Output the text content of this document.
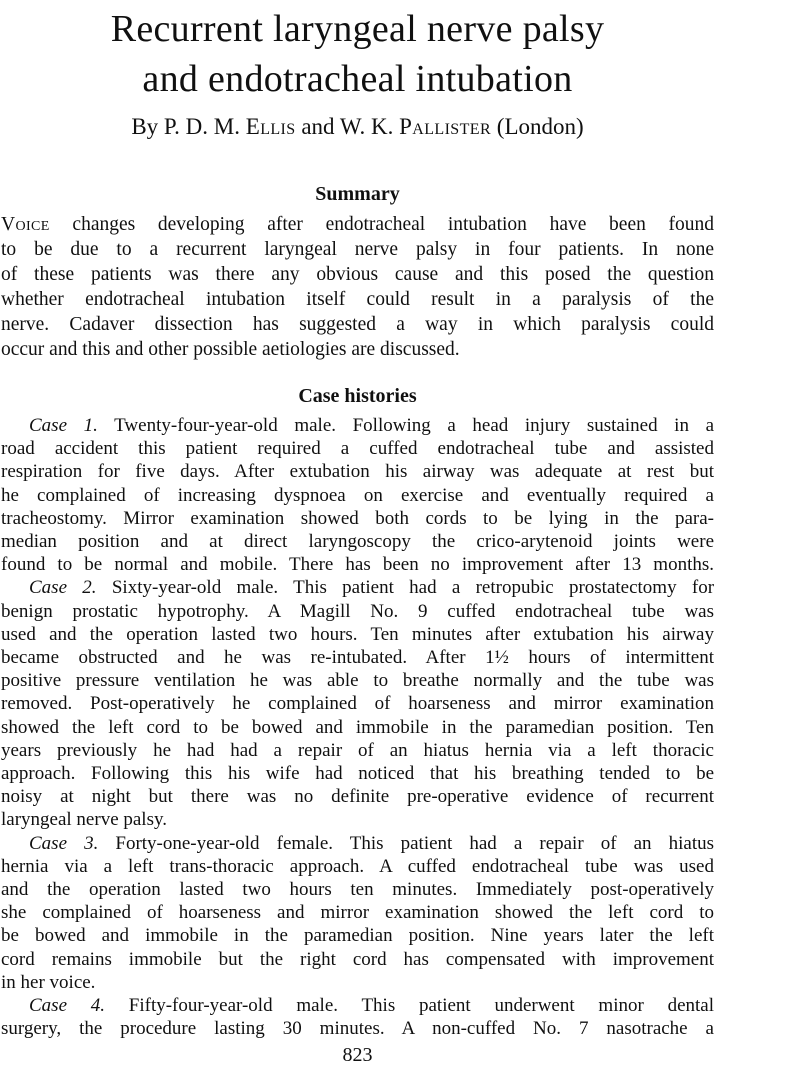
Recurrent laryngeal nerve palsy
and endotracheal intubation
By P. D. M. Ellis and W. K. Pallister (London)
Summary
Voice changes developing after endotracheal intubation have been found
to be due to a recurrent laryngeal nerve palsy in four patients. In none
of these patients was there any obvious cause and this posed the question
whether endotracheal intubation itself could result in a paralysis of the
nerve. Cadaver dissection has suggested a way in which paralysis could
occur and this and other possible aetiologies are discussed.
Case histories
Case 1. Twenty-four-year-old male. Following a head injury sustained in a
road accident this patient required a cuffed endotracheal tube and assisted
respiration for five days. After extubation his airway was adequate at rest but
he complained of increasing dyspnoea on exercise and eventually required a
tracheostomy. Mirror examination showed both cords to be lying in the para-
median position and at direct laryngoscopy the crico-arytenoid joints were
found to be normal and mobile. There has been no improvement after 13 months.
Case 2. Sixty-year-old male. This patient had a retropubic prostatectomy for
benign prostatic hypotrophy. A Magill No. 9 cuffed endotracheal tube was
used and the operation lasted two hours. Ten minutes after extubation his airway
became obstructed and he was re-intubated. After 1½ hours of intermittent
positive pressure ventilation he was able to breathe normally and the tube was
removed. Post-operatively he complained of hoarseness and mirror examination
showed the left cord to be bowed and immobile in the paramedian position. Ten
years previously he had had a repair of an hiatus hernia via a left thoracic
approach. Following this his wife had noticed that his breathing tended to be
noisy at night but there was no definite pre-operative evidence of recurrent
laryngeal nerve palsy.
Case 3. Forty-one-year-old female. This patient had a repair of an hiatus
hernia via a left trans-thoracic approach. A cuffed endotracheal tube was used
and the operation lasted two hours ten minutes. Immediately post-operatively
she complained of hoarseness and mirror examination showed the left cord to
be bowed and immobile in the paramedian position. Nine years later the left
cord remains immobile but the right cord has compensated with improvement
in her voice.
Case 4. Fifty-four-year-old male. This patient underwent minor dental
surgery, the procedure lasting 30 minutes. A non-cuffed No. 7 nasotrache a
823
